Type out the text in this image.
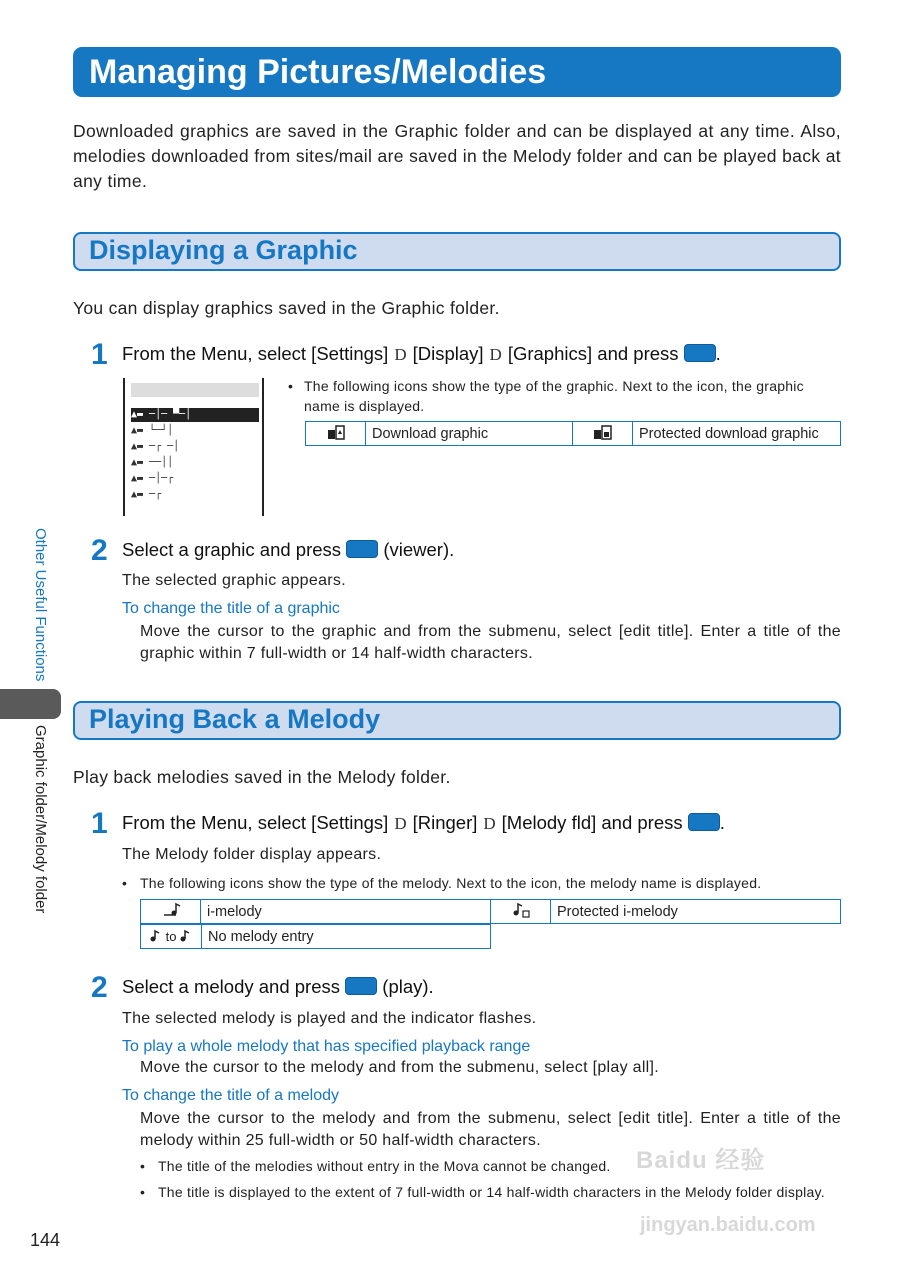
Managing Pictures/Melodies

Downloaded graphics are saved in the Graphic folder and can be displayed at any time. Also, melodies downloaded from sites/mail are saved in the Melody folder and can be played back at any time.

Displaying a Graphic
You can display graphics saved in the Graphic folder.
1 From the Menu, select [Settings] D [Display] D [Graphics] and press .
▲▬ ─│─ ▀─│
▲▬ └─┘│
▲▬ ─┌ ─│
▲▬ ──││
▲▬ ─│─┌
▲▬ ─┌
• The following icons show the type of the graphic. Next to the icon, the graphic name is displayed.
	Download graphic		Protected download graphic
2 Select a graphic and press (viewer).
The selected graphic appears.
To change the title of a graphic
Move the cursor to the graphic and from the submenu, select [edit title]. Enter a title of the graphic within 7 full-width or 14 half-width characters.
Playing Back a Melody
Play back melodies saved in the Melody folder.
1 From the Menu, select [Settings] D [Ringer] D [Melody fld] and press .
The Melody folder display appears.
• The following icons show the type of the melody. Next to the icon, the melody name is displayed.
	i-melody		Protected i-melody
to	No melody entry
2 Select a melody and press (play).
The selected melody is played and the indicator flashes.
To play a whole melody that has specified playback range
Move the cursor to the melody and from the submenu, select [play all].
To change the title of a melody
Move the cursor to the melody and from the submenu, select [edit title]. Enter a title of the melody within 25 full-width or 50 half-width characters.
• The title of the melodies without entry in the Mova cannot be changed.
• The title is displayed to the extent of 7 full-width or 14 half-width characters in the Melody folder display.
Other Useful Functions
Graphic folder/Melody folder
144
Baidu 经验
jingyan.baidu.com
